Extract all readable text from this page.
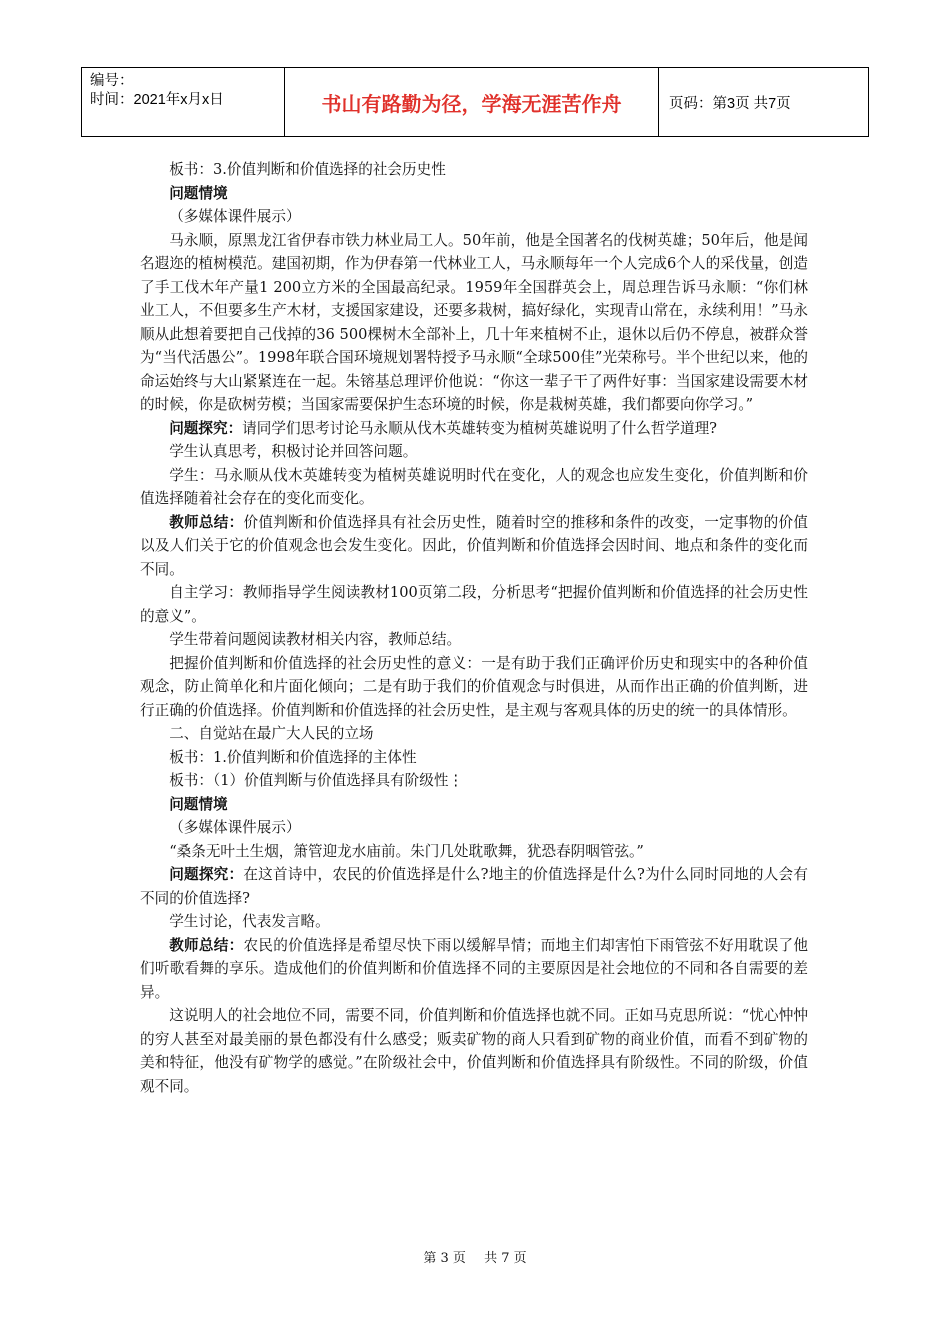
编号：
时间：2021年x月x日	书山有路勤为径，学海无涯苦作舟	页码：第3页 共7页

板书：3.价值判断和价值选择的社会历史性

问题情境

（多媒体课件展示）

马永顺，原黑龙江省伊春市铁力林业局工人。50年前，他是全国著名的伐树英雄；50年后，他是闻名遐迩的植树模范。建国初期，作为伊春第一代林业工人，马永顺每年一个人完成6个人的采伐量，创造了手工伐木年产量1 200立方米的全国最高纪录。1959年全国群英会上，周总理告诉马永顺：“你们林业工人，不但要多生产木材，支援国家建设，还要多栽树，搞好绿化，实现青山常在，永续利用！”马永顺从此想着要把自己伐掉的36 500棵树木全部补上，几十年来植树不止，退休以后仍不停息，被群众誉为“当代活愚公”。1998年联合国环境规划署特授予马永顺“全球500佳”光荣称号。半个世纪以来，他的命运始终与大山紧紧连在一起。朱镕基总理评价他说：“你这一辈子干了两件好事：当国家建设需要木材的时候，你是砍树劳模；当国家需要保护生态环境的时候，你是栽树英雄，我们都要向你学习。”

问题探究：请同学们思考讨论马永顺从伐木英雄转变为植树英雄说明了什么哲学道理?

学生认真思考，积极讨论并回答问题。

学生：马永顺从伐木英雄转变为植树英雄说明时代在变化，人的观念也应发生变化，价值判断和价值选择随着社会存在的变化而变化。

教师总结：价值判断和价值选择具有社会历史性，随着时空的推移和条件的改变，一定事物的价值以及人们关于它的价值观念也会发生变化。因此，价值判断和价值选择会因时间、地点和条件的变化而不同。

自主学习：教师指导学生阅读教材100页第二段，分析思考“把握价值判断和价值选择的社会历史性的意义”。

学生带着问题阅读教材相关内容，教师总结。

把握价值判断和价值选择的社会历史性的意义：一是有助于我们正确评价历史和现实中的各种价值观念，防止简单化和片面化倾向；二是有助于我们的价值观念与时俱进，从而作出正确的价值判断，进行正确的价值选择。价值判断和价值选择的社会历史性，是主观与客观具体的历史的统一的具体情形。

二、自觉站在最广大人民的立场

板书：1.价值判断和价值选择的主体性

板书：（1）价值判断与价值选择具有阶级性⋮

问题情境

（多媒体课件展示）

“桑条无叶土生烟，箫管迎龙水庙前。朱门几处耽歌舞，犹恐春阴咽管弦。”

问题探究：在这首诗中，农民的价值选择是什么?地主的价值选择是什么?为什么同时同地的人会有不同的价值选择?

学生讨论，代表发言略。

教师总结：农民的价值选择是希望尽快下雨以缓解旱情；而地主们却害怕下雨管弦不好用耽误了他们听歌看舞的享乐。造成他们的价值判断和价值选择不同的主要原因是社会地位的不同和各自需要的差异。

这说明人的社会地位不同，需要不同，价值判断和价值选择也就不同。正如马克思所说：“忧心忡忡的穷人甚至对最美丽的景色都没有什么感受；贩卖矿物的商人只看到矿物的商业价值，而看不到矿物的美和特征，他没有矿物学的感觉。”在阶级社会中，价值判断和价值选择具有阶级性。不同的阶级，价值观不同。

第 3 页 共 7 页
